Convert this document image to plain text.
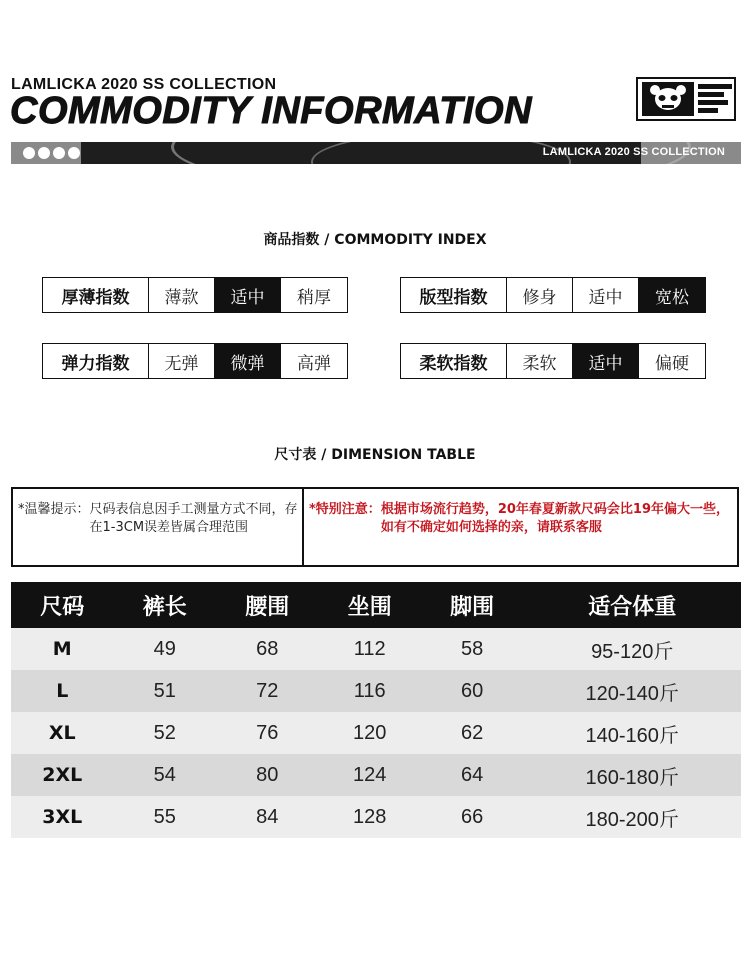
LAMLICKA 2020 SS COLLECTION
COMMODITY INFORMATION
LAMLICKA 2020 SS COLLECTION
商品指数 / COMMODITY INDEX
厚薄指数	薄款	适中	稍厚	版型指数	修身	适中	宽松
弹力指数	无弹	微弹	高弹	柔软指数	柔软	适中	偏硬
尺寸表 / DIMENSION TABLE
*温馨提示： 尺码表信息因手工测量方式不同，存在1-3CM误差皆属合理范围
*特别注意： 根据市场流行趋势，20年春夏新款尺码会比19年偏大一些，如有不确定如何选择的亲，请联系客服
尺码	裤长	腰围	坐围	脚围	适合体重
M	49	68	112	58	95-120斤
L	51	72	116	60	120-140斤
XL	52	76	120	62	140-160斤
2XL	54	80	124	64	160-180斤
3XL	55	84	128	66	180-200斤
